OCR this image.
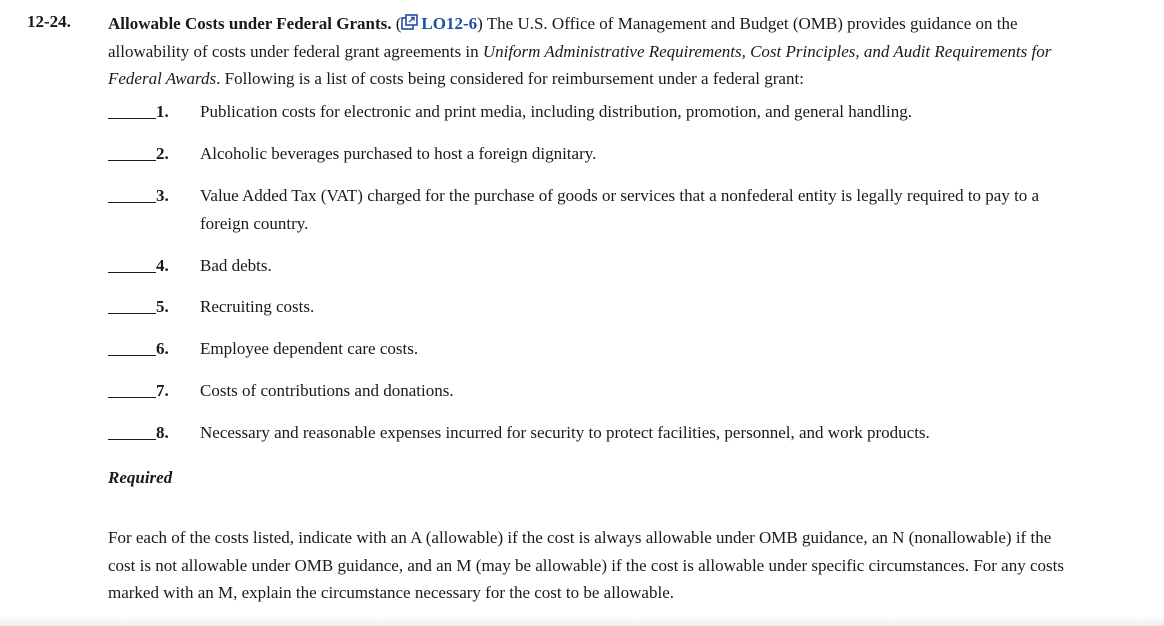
12-24. Allowable Costs under Federal Grants. ( LO12-6) The U.S. Office of Management and Budget (OMB) provides guidance on the allowability of costs under federal grant agreements in Uniform Administrative Requirements, Cost Principles, and Audit Requirements for Federal Awards. Following is a list of costs being considered for reimbursement under a federal grant:
1. Publication costs for electronic and print media, including distribution, promotion, and general handling.
2. Alcoholic beverages purchased to host a foreign dignitary.
3. Value Added Tax (VAT) charged for the purchase of goods or services that a nonfederal entity is legally required to pay to a foreign country.
4. Bad debts.
5. Recruiting costs.
6. Employee dependent care costs.
7. Costs of contributions and donations.
8. Necessary and reasonable expenses incurred for security to protect facilities, personnel, and work products.
Required
For each of the costs listed, indicate with an A (allowable) if the cost is always allowable under OMB guidance, an N (nonallowable) if the cost is not allowable under OMB guidance, and an M (may be allowable) if the cost is allowable under specific circumstances. For any costs marked with an M, explain the circumstance necessary for the cost to be allowable.
